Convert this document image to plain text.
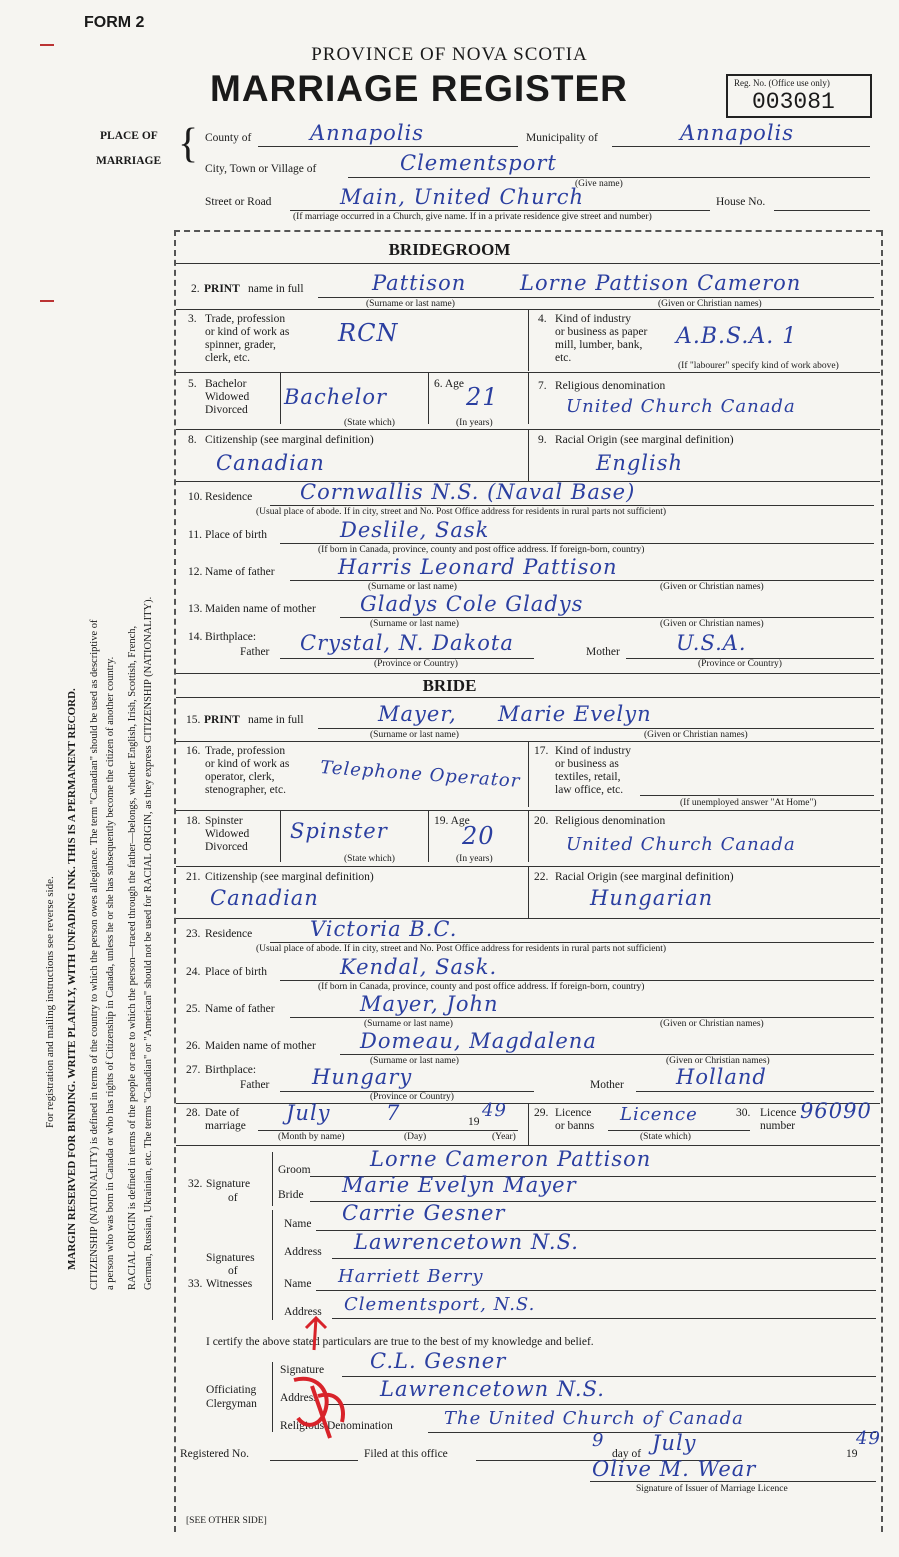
FORM 2
PROVINCE OF NOVA SCOTIA
MARRIAGE REGISTER	Reg. No. (Office use only)
003081
PLACE OF
MARRIAGE { County of	Annapolis	Municipality of	Annapolis
City, Town or Village of	Clementsport
(Give name)
Street or Road	Main, United Church	House No.
(If marriage occurred in a Church, give name. If in a private residence give street and number)
BRIDEGROOM
2. PRINT name in full	Pattison	Lorne Pattison Cameron
(Surname or last name)	(Given or Christian names)
3. Trade, profession
or kind of work as
spinner, grader,
clerk, etc.
RCN	4. Kind of industry
or business as paper
mill, lumber, bank,
etc.
A.B.S.A. 1
(If "labourer" specify kind of work above)
5. Bachelor
Widowed
Divorced
Bachelor
(State which)
6. Age 21
(In years)
7. Religious denomination
United Church Canada
8. Citizenship (see marginal definition)
Canadian
9. Racial Origin (see marginal definition)
English
10. Residence Cornwallis N.S. (Naval Base)
(Usual place of abode. If in city, street and No. Post Office address for residents in rural parts not sufficient)
11. Place of birth	Deslile, Sask
(If born in Canada, province, county and post office address. If foreign-born, country)
12. Name of father	Harris Leonard Pattison
(Surname or last name)	(Given or Christian names)
13. Maiden name of mother Gladys Cole Gladys
(Surname or last name)	(Given or Christian names)
14. Birthplace:
Father Crystal, N. Dakota	Mother	U.S.A.
(Province or Country)	(Province or Country)
BRIDE
15. PRINT name in full	Mayer, Marie Evelyn
(Surname or last name)	(Given or Christian names)
16. Trade, profession
or kind of work as
operator, clerk,
stenographer, etc. Telephone Operator
17. Kind of industry
or business as
textiles, retail,
law office, etc.
(If unemployed answer "At Home")
18. Spinster
Widowed
Divorced
Spinster
(State which)
19. Age
20
(In years)
20. Religious denomination
United Church Canada
21. Citizenship (see marginal definition)
Canadian
22. Racial Origin (see marginal definition)
Hungarian
23. Residence	Victoria B.C.
(Usual place of abode. If in city, street and No. Post Office address for residents in rural parts not sufficient)
24. Place of birth	Kendal, Sask.
(If born in Canada, province, county and post office address. If foreign-born, country)
25. Name of father	Mayer, John
(Surname or last name)	(Given or Christian names)
26. Maiden name of mother Domeau, Magdalena
(Surname or last name)	(Given or Christian names)
27. Birthplace:
Father Hungary	Mother Holland
(Province or Country)
28. Date of
marriage
July	7	19
49
(Month by name)	(Day)	(Year)
29. Licence
or banns
Licence
(State which)
30. Licence
number
96090
32. Signature
of
Groom	Lorne Cameron Pattison
Bride Marie Evelyn Mayer
33.
Signatures
of
Witnesses
Name Carrie Gesner
Address Lawrencetown N.S.
Name Harriett Berry
Address Clementsport, N.S.
I certify the above stated particulars are true to the best of my knowledge and belief.
Officiating
Clergyman
Signature C.L. Gesner
Address	Lawrencetown N.S.
Religious Denomination	The United Church of Canada
Registered No.	Filed at this office
9
day of July	19
49
Olive M. Wear
Signature of Issuer of Marriage Licence
[SEE OTHER SIDE]
For registration and mailing instructions see reverse side. MARGIN RESERVED FOR BINDING. WRITE PLAINLY, WITH UNFADING INK. THIS IS A PERMANENT RECORD. CITIZENSHIP (NATIONALITY) is defined in terms of the country to which the person owes allegiance. The term "Canadian" should be used as descriptive of a person who was born in Canada or who has rights of Citizenship in Canada, unless he or she has subsequently become the citizen of another country. RACIAL ORIGIN is defined in terms of the people or race to which the person—traced through the father—belongs, whether English, Irish, Scottish, French, German, Russian, Ukrainian, etc. The terms "Canadian" or "American" should not be used for RACIAL ORIGIN, as they express CITIZENSHIP (NATIONALITY).
